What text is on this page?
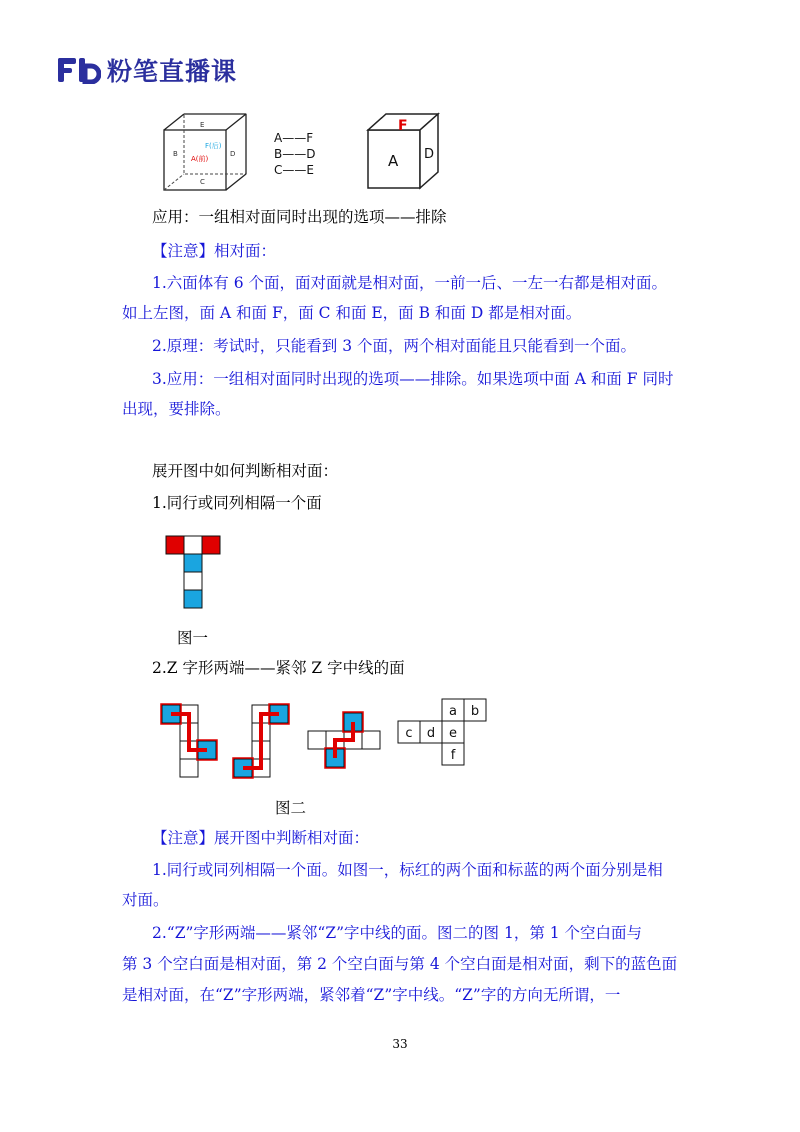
粉笔直播课
E
B	D
C
F(后)
A(前)
A——F
B——D
C——E
F
A D
应用：一组相对面同时出现的选项——排除
【注意】相对面：
1.六面体有 6 个面，面对面就是相对面，一前一后、一左一右都是相对面。
如上左图，面 A 和面 F，面 C 和面 E，面 B 和面 D 都是相对面。
2.原理：考试时，只能看到 3 个面，两个相对面能且只能看到一个面。
3.应用：一组相对面同时出现的选项——排除。如果选项中面 A 和面 F 同时
出现，要排除。
展开图中如何判断相对面：
1.同行或同列相隔一个面
图一
2.Z 字形两端——紧邻 Z 字中线的面
a b
c d e
f
图二
【注意】展开图中判断相对面：
1.同行或同列相隔一个面。如图一，标红的两个面和标蓝的两个面分别是相
对面。
2.“Z”字形两端——紧邻“Z”字中线的面。图二的图 1，第 1 个空白面与
第 3 个空白面是相对面，第 2 个空白面与第 4 个空白面是相对面，剩下的蓝色面
是相对面，在“Z”字形两端，紧邻着“Z”字中线。“Z”字的方向无所谓，一
33
